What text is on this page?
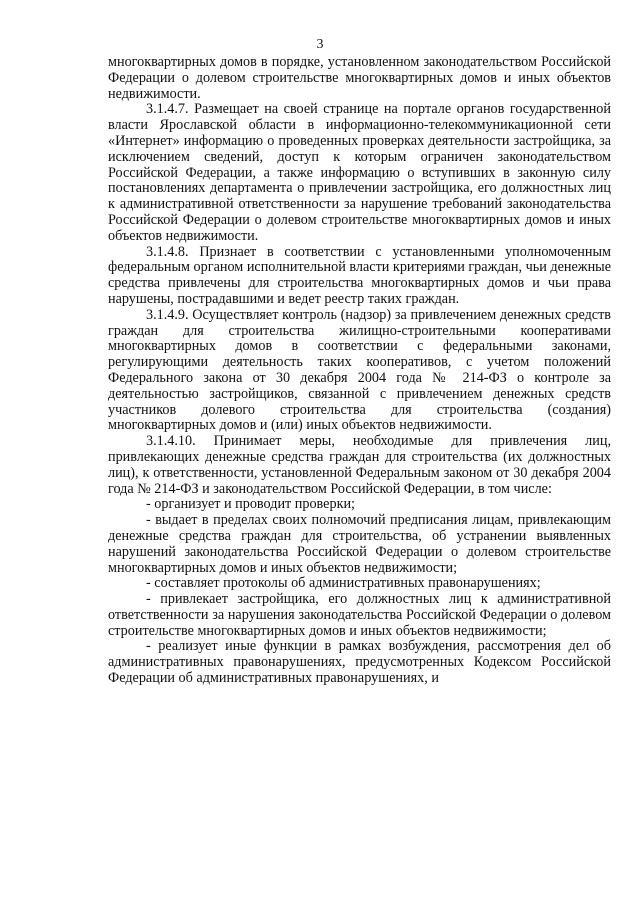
3

многоквартирных домов в порядке, установленном законодательством Российской Федерации о долевом строительстве многоквартирных домов и иных объектов недвижимости.

3.1.4.7. Размещает на своей странице на портале органов государственной власти Ярославской области в информационно-телекоммуникационной сети «Интернет» информацию о проведенных проверках деятельности застройщика, за исключением сведений, доступ к которым ограничен законодательством Российской Федерации, а также информацию о вступивших в законную силу постановлениях департамента о привлечении застройщика, его должностных лиц к административной ответственности за нарушение требований законодательства Российской Федерации о долевом строительстве многоквартирных домов и иных объектов недвижимости.

3.1.4.8. Признает в соответствии с установленными уполномоченным федеральным органом исполнительной власти критериями граждан, чьи денежные средства привлечены для строительства многоквартирных домов и чьи права нарушены, пострадавшими и ведет реестр таких граждан.

3.1.4.9. Осуществляет контроль (надзор) за привлечением денежных средств граждан для строительства жилищно-строительными кооперативами многоквартирных домов в соответствии с федеральными законами, регулирующими деятельность таких кооперативов, с учетом положений Федерального закона от 30 декабря 2004 года № 214-ФЗ о контроле за деятельностью застройщиков, связанной с привлечением денежных средств участников долевого строительства для строительства (создания) многоквартирных домов и (или) иных объектов недвижимости.

3.1.4.10. Принимает меры, необходимые для привлечения лиц, привлекающих денежные средства граждан для строительства (их должностных лиц), к ответственности, установленной Федеральным законом от 30 декабря 2004 года № 214-ФЗ и законодательством Российской Федерации, в том числе:

- организует и проводит проверки;

- выдает в пределах своих полномочий предписания лицам, привлекающим денежные средства граждан для строительства, об устранении выявленных нарушений законодательства Российской Федерации о долевом строительстве многоквартирных домов и иных объектов недвижимости;

- составляет протоколы об административных правонарушениях;

- привлекает застройщика, его должностных лиц к административной ответственности за нарушения законодательства Российской Федерации о долевом строительстве многоквартирных домов и иных объектов недвижимости;

- реализует иные функции в рамках возбуждения, рассмотрения дел об административных правонарушениях, предусмотренных Кодексом Российской Федерации об административных правонарушениях, и
